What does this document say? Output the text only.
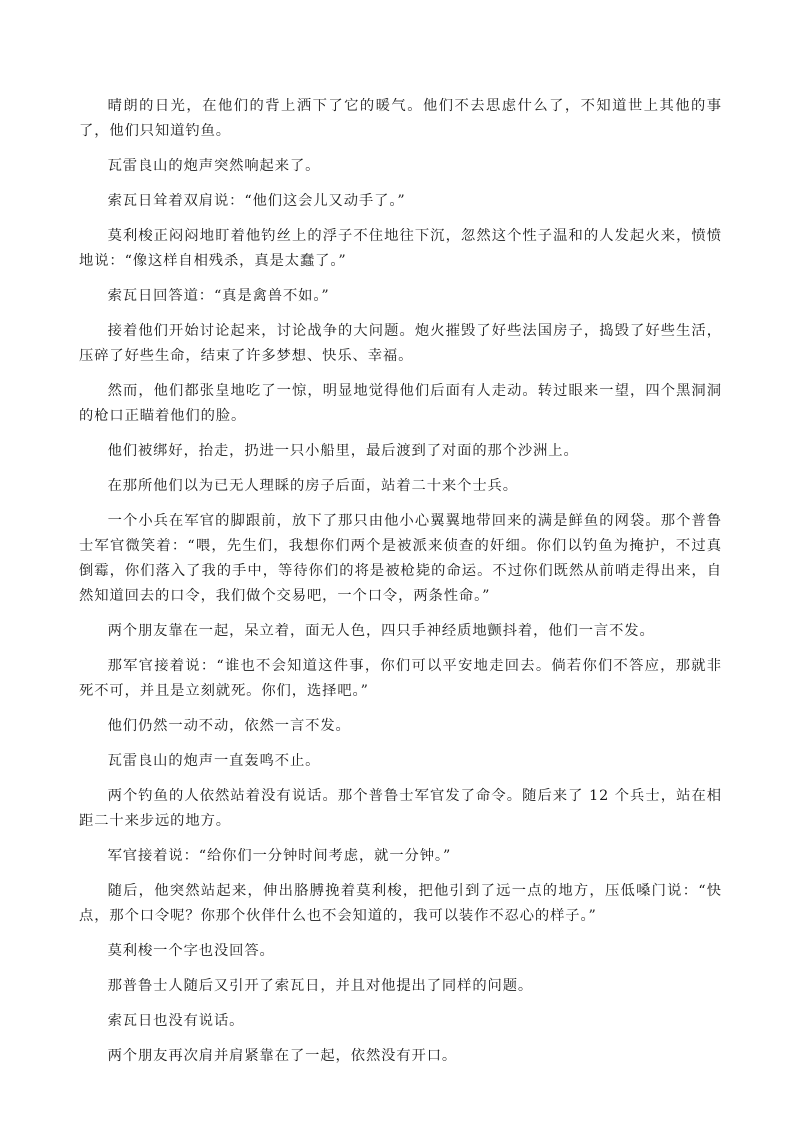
晴朗的日光，在他们的背上洒下了它的暖气。他们不去思虑什么了，不知道世上其他的事了，他们只知道钓鱼。

瓦雷良山的炮声突然响起来了。

索瓦日耸着双肩说：“他们这会儿又动手了。”

莫利梭正闷闷地盯着他钓丝上的浮子不住地往下沉，忽然这个性子温和的人发起火来，愤愤地说：“像这样自相残杀，真是太蠢了。”

索瓦日回答道：“真是禽兽不如。”

接着他们开始讨论起来，讨论战争的大问题。炮火摧毁了好些法国房子，捣毁了好些生活，压碎了好些生命，结束了许多梦想、快乐、幸福。

然而，他们都张皇地吃了一惊，明显地觉得他们后面有人走动。转过眼来一望，四个黑洞洞的枪口正瞄着他们的脸。

他们被绑好，抬走，扔进一只小船里，最后渡到了对面的那个沙洲上。

在那所他们以为已无人理睬的房子后面，站着二十来个士兵。

一个小兵在军官的脚跟前，放下了那只由他小心翼翼地带回来的满是鲜鱼的网袋。那个普鲁士军官微笑着：“喂，先生们，我想你们两个是被派来侦查的奸细。你们以钓鱼为掩护，不过真倒霉，你们落入了我的手中，等待你们的将是被枪毙的命运。不过你们既然从前哨走得出来，自然知道回去的口令，我们做个交易吧，一个口令，两条性命。”

两个朋友靠在一起，呆立着，面无人色，四只手神经质地颤抖着，他们一言不发。

那军官接着说：“谁也不会知道这件事，你们可以平安地走回去。倘若你们不答应，那就非死不可，并且是立刻就死。你们，选择吧。”

他们仍然一动不动，依然一言不发。

瓦雷良山的炮声一直轰鸣不止。

两个钓鱼的人依然站着没有说话。那个普鲁士军官发了命令。随后来了 12 个兵士，站在相距二十来步远的地方。

军官接着说：“给你们一分钟时间考虑，就一分钟。”

随后，他突然站起来，伸出胳膊挽着莫利梭，把他引到了远一点的地方，压低嗓门说：“快点，那个口令呢？你那个伙伴什么也不会知道的，我可以装作不忍心的样子。”

莫利梭一个字也没回答。

那普鲁士人随后又引开了索瓦日，并且对他提出了同样的问题。

索瓦日也没有说话。

两个朋友再次肩并肩紧靠在了一起，依然没有开口。
